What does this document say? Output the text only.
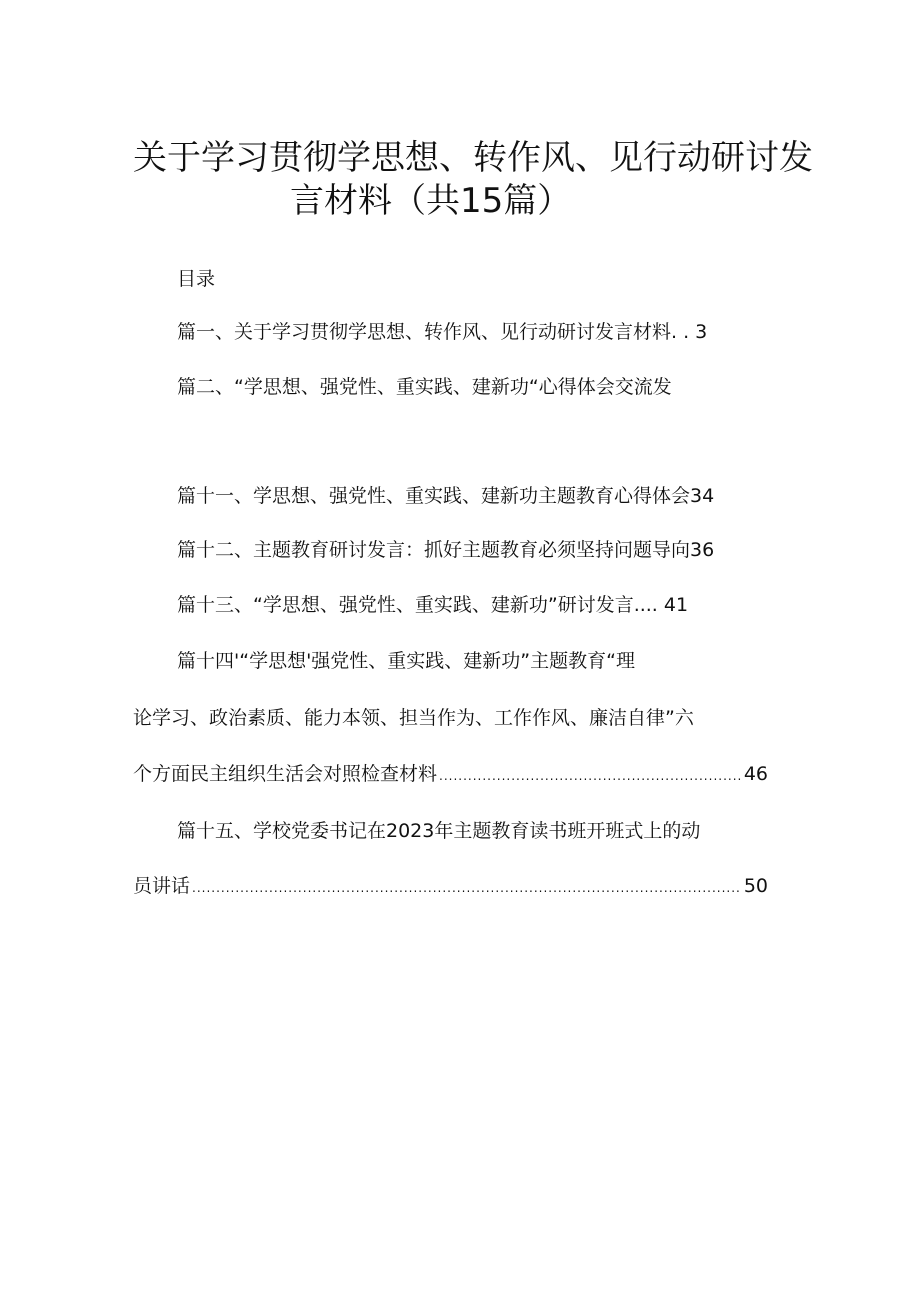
关于学习贯彻学思想、转作风、见行动研讨发
言材料（共15篇）
目录
篇一、关于学习贯彻学思想、转作风、见行动研讨发言材料. . 3
篇二、“学思想、强党性、重实践、建新功“心得体会交流发
篇十一、学思想、强党性、重实践、建新功主题教育心得体会34
篇十二、主题教育研讨发言：抓好主题教育必须坚持问题导向36
篇十三、“学思想、强党性、重实践、建新功”研讨发言.... 41
篇十四'“学思想'强党性、重实践、建新功”主题教育“理
论学习、政治素质、能力本领、担当作为、工作作风、廉洁自律”六
个方面民主组织生活会对照检查材料 .....	46
篇十五、学校党委书记在2023年主题教育读书班开班式上的动
员讲话 .....	50
